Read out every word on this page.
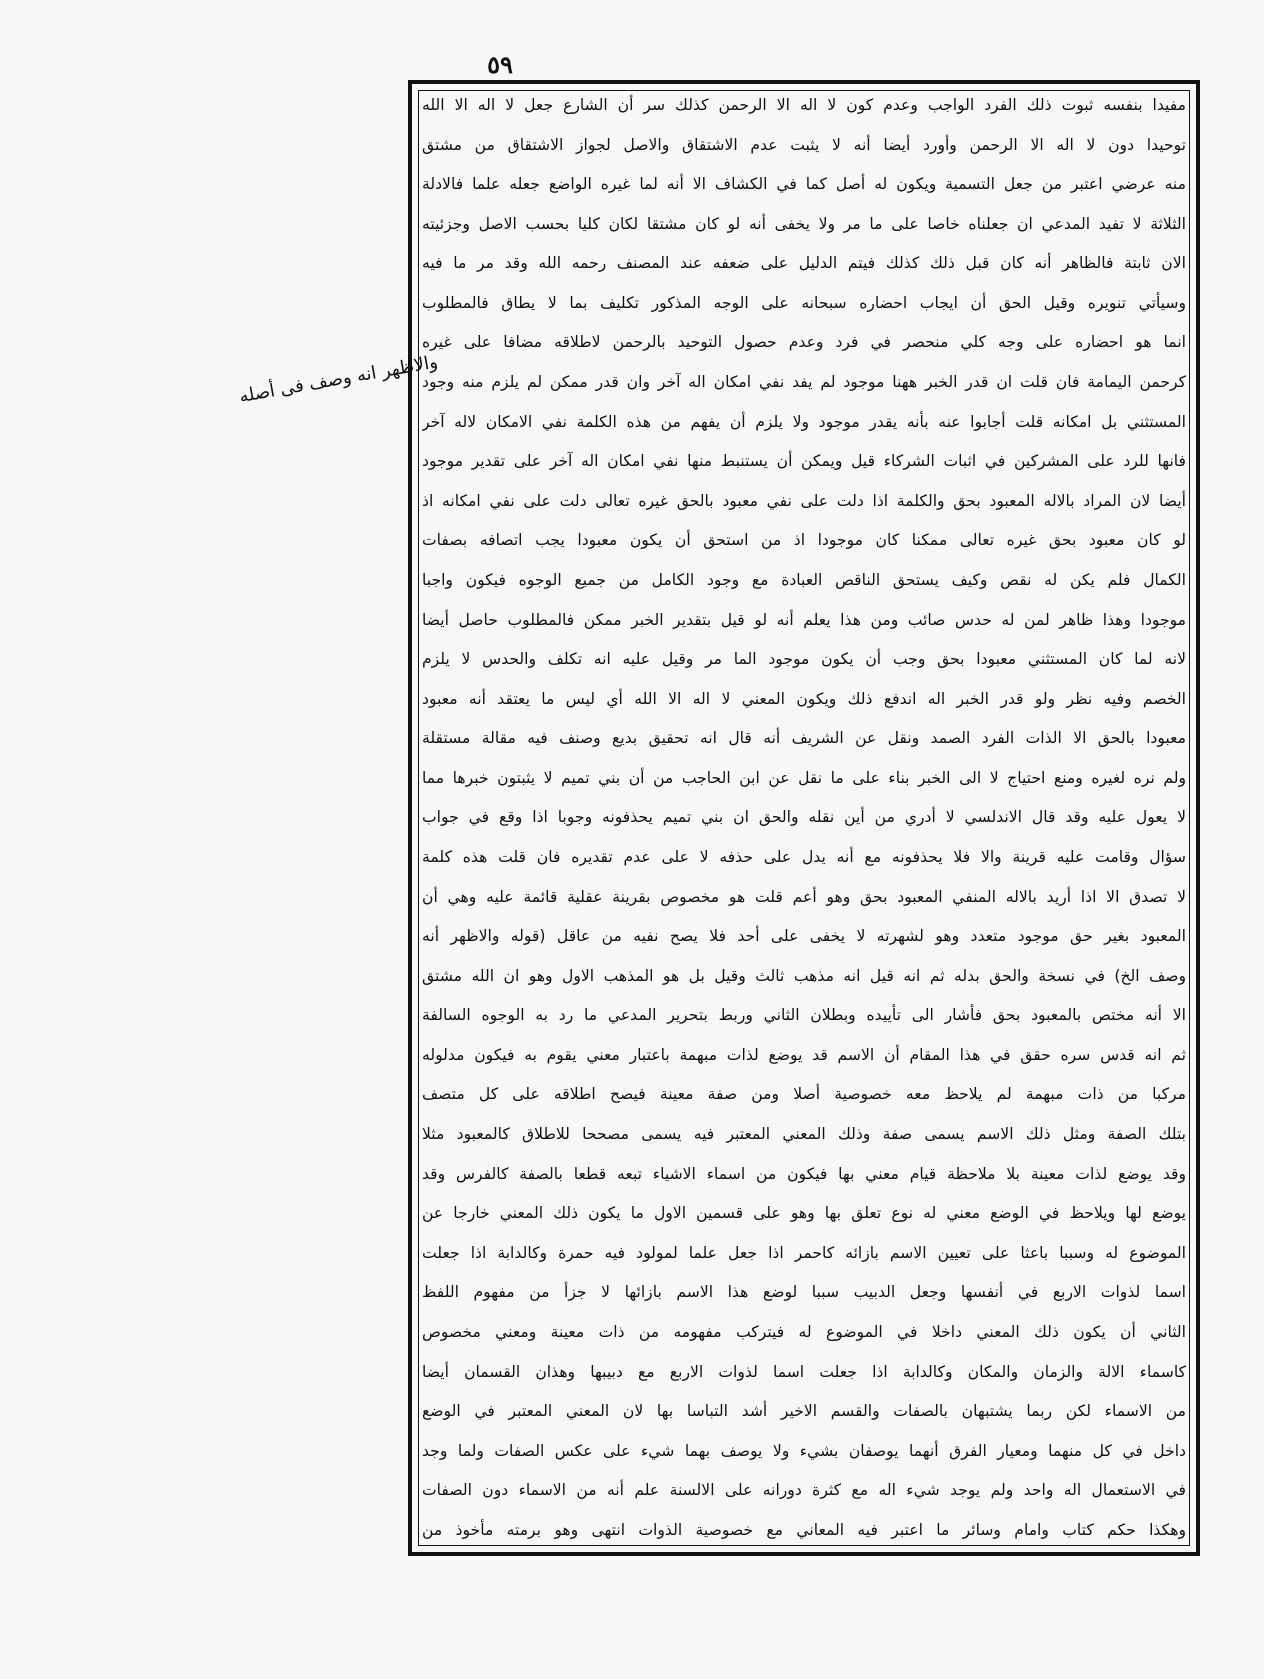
٥٩
والاظهر انه وصف فی أصله
مفيدا بنفسه ثبوت ذلك الفرد الواجب وعدم كون لا اله الا الرحمن كذلك سر أن الشارع جعل لا اله الا الله
توحيدا دون لا اله الا الرحمن وأورد أيضا أنه لا يثبت عدم الاشتقاق والاصل لجواز الاشتقاق من مشتق
منه عرضي اعتبر من جعل التسمية ويكون له أصل كما في الكشاف الا أنه لما غيره الواضع جعله علما فالادلة
الثلاثة لا تفيد المدعي ان جعلناه خاصا على ما مر ولا يخفى أنه لو كان مشتقا لكان كليا بحسب الاصل وجزئيته
الان ثابتة فالظاهر أنه كان قبل ذلك كذلك فيتم الدليل على ضعفه عند المصنف رحمه الله وقد مر ما فيه
وسيأتي تنويره وقيل الحق أن ايجاب احضاره سبحانه على الوجه المذكور تكليف بما لا يطاق فالمطلوب
انما هو احضاره على وجه كلي منحصر في فرد وعدم حصول التوحيد بالرحمن لاطلاقه مضافا على غيره
كرحمن اليمامة فان قلت ان قدر الخبر ههنا موجود لم يفد نفي امكان اله آخر وان قدر ممكن لم يلزم منه وجود
المستثني بل امكانه قلت أجابوا عنه بأنه يقدر موجود ولا يلزم أن يفهم من هذه الكلمة نفي الامكان لاله آخر
فانها للرد على المشركين في اثبات الشركاء قيل ويمكن أن يستنبط منها نفي امكان اله آخر على تقدير موجود
أيضا لان المراد بالاله المعبود بحق والكلمة اذا دلت على نفي معبود بالحق غيره تعالى دلت على نفي امكانه اذ
لو كان معبود بحق غيره تعالى ممكنا كان موجودا اذ من استحق أن يكون معبودا يجب اتصافه بصفات
الكمال فلم يكن له نقص وكيف يستحق الناقص العبادة مع وجود الكامل من جميع الوجوه فيكون واجبا
موجودا وهذا ظاهر لمن له حدس صائب ومن هذا يعلم أنه لو قيل بتقدير الخبر ممكن فالمطلوب حاصل أيضا
لانه لما كان المستثني معبودا بحق وجب أن يكون موجود الما مر وقيل عليه انه تكلف والحدس لا يلزم
الخصم وفيه نظر ولو قدر الخبر اله اندفع ذلك ويكون المعني لا اله الا الله أي ليس ما يعتقد أنه معبود
معبودا بالحق الا الذات الفرد الصمد ونقل عن الشريف أنه قال انه تحقيق بديع وصنف فيه مقالة مستقلة
ولم نره لغيره ومنع احتياج لا الى الخبر بناء على ما نقل عن ابن الحاجب من أن بني تميم لا يثبتون خبرها مما
لا يعول عليه وقد قال الاندلسي لا أدري من أين نقله والحق ان بني تميم يحذفونه وجوبا اذا وقع في جواب
سؤال وقامت عليه قرينة والا فلا يحذفونه مع أنه يدل على حذفه لا على عدم تقديره فان قلت هذه كلمة
لا تصدق الا اذا أريد بالاله المنفي المعبود بحق وهو أعم قلت هو مخصوص بقرينة عقلية قائمة عليه وهي أن
المعبود بغير حق موجود متعدد وهو لشهرته لا يخفى على أحد فلا يصح نفيه من عاقل (قوله والاظهر أنه
وصف الخ) في نسخة والحق بدله ثم انه قيل انه مذهب ثالث وقيل بل هو المذهب الاول وهو ان الله مشتق
الا أنه مختص بالمعبود بحق فأشار الى تأييده وبطلان الثاني وربط بتحرير المدعي ما رد به الوجوه السالفة
ثم انه قدس سره حقق في هذا المقام أن الاسم قد يوضع لذات مبهمة باعتبار معني يقوم به فيكون مدلوله
مركبا من ذات مبهمة لم يلاحظ معه خصوصية أصلا ومن صفة معينة فيصح اطلاقه على كل متصف
بتلك الصفة ومثل ذلك الاسم يسمى صفة وذلك المعني المعتبر فيه يسمى مصححا للاطلاق كالمعبود مثلا
وقد يوضع لذات معينة بلا ملاحظة قيام معني بها فيكون من اسماء الاشياء تبعه قطعا بالصفة كالفرس وقد
يوضع لها ويلاحظ في الوضع معني له نوع تعلق بها وهو على قسمين الاول ما يكون ذلك المعني خارجا عن
الموضوع له وسببا باعثا على تعيين الاسم بازائه كاحمر اذا جعل علما لمولود فيه حمرة وكالدابة اذا جعلت
اسما لذوات الاربع في أنفسها وجعل الدبيب سببا لوضع هذا الاسم بازائها لا جزأ من مفهوم اللفظ
الثاني أن يكون ذلك المعني داخلا في الموضوع له فيتركب مفهومه من ذات معينة ومعني مخصوص
كاسماء الالة والزمان والمكان وكالدابة اذا جعلت اسما لذوات الاربع مع دبيبها وهذان القسمان أيضا
من الاسماء لكن ربما يشتبهان بالصفات والقسم الاخير أشد التباسا بها لان المعني المعتبر في الوضع
داخل في كل منهما ومعيار الفرق أنهما يوصفان بشيء ولا يوصف بهما شيء على عكس الصفات ولما وجد
في الاستعمال اله واحد ولم يوجد شيء اله مع كثرة دورانه على الالسنة علم أنه من الاسماء دون الصفات
وهكذا حكم كتاب وامام وسائر ما اعتبر فيه المعاني مع خصوصية الذوات انتهى وهو برمته مأخوذ من
